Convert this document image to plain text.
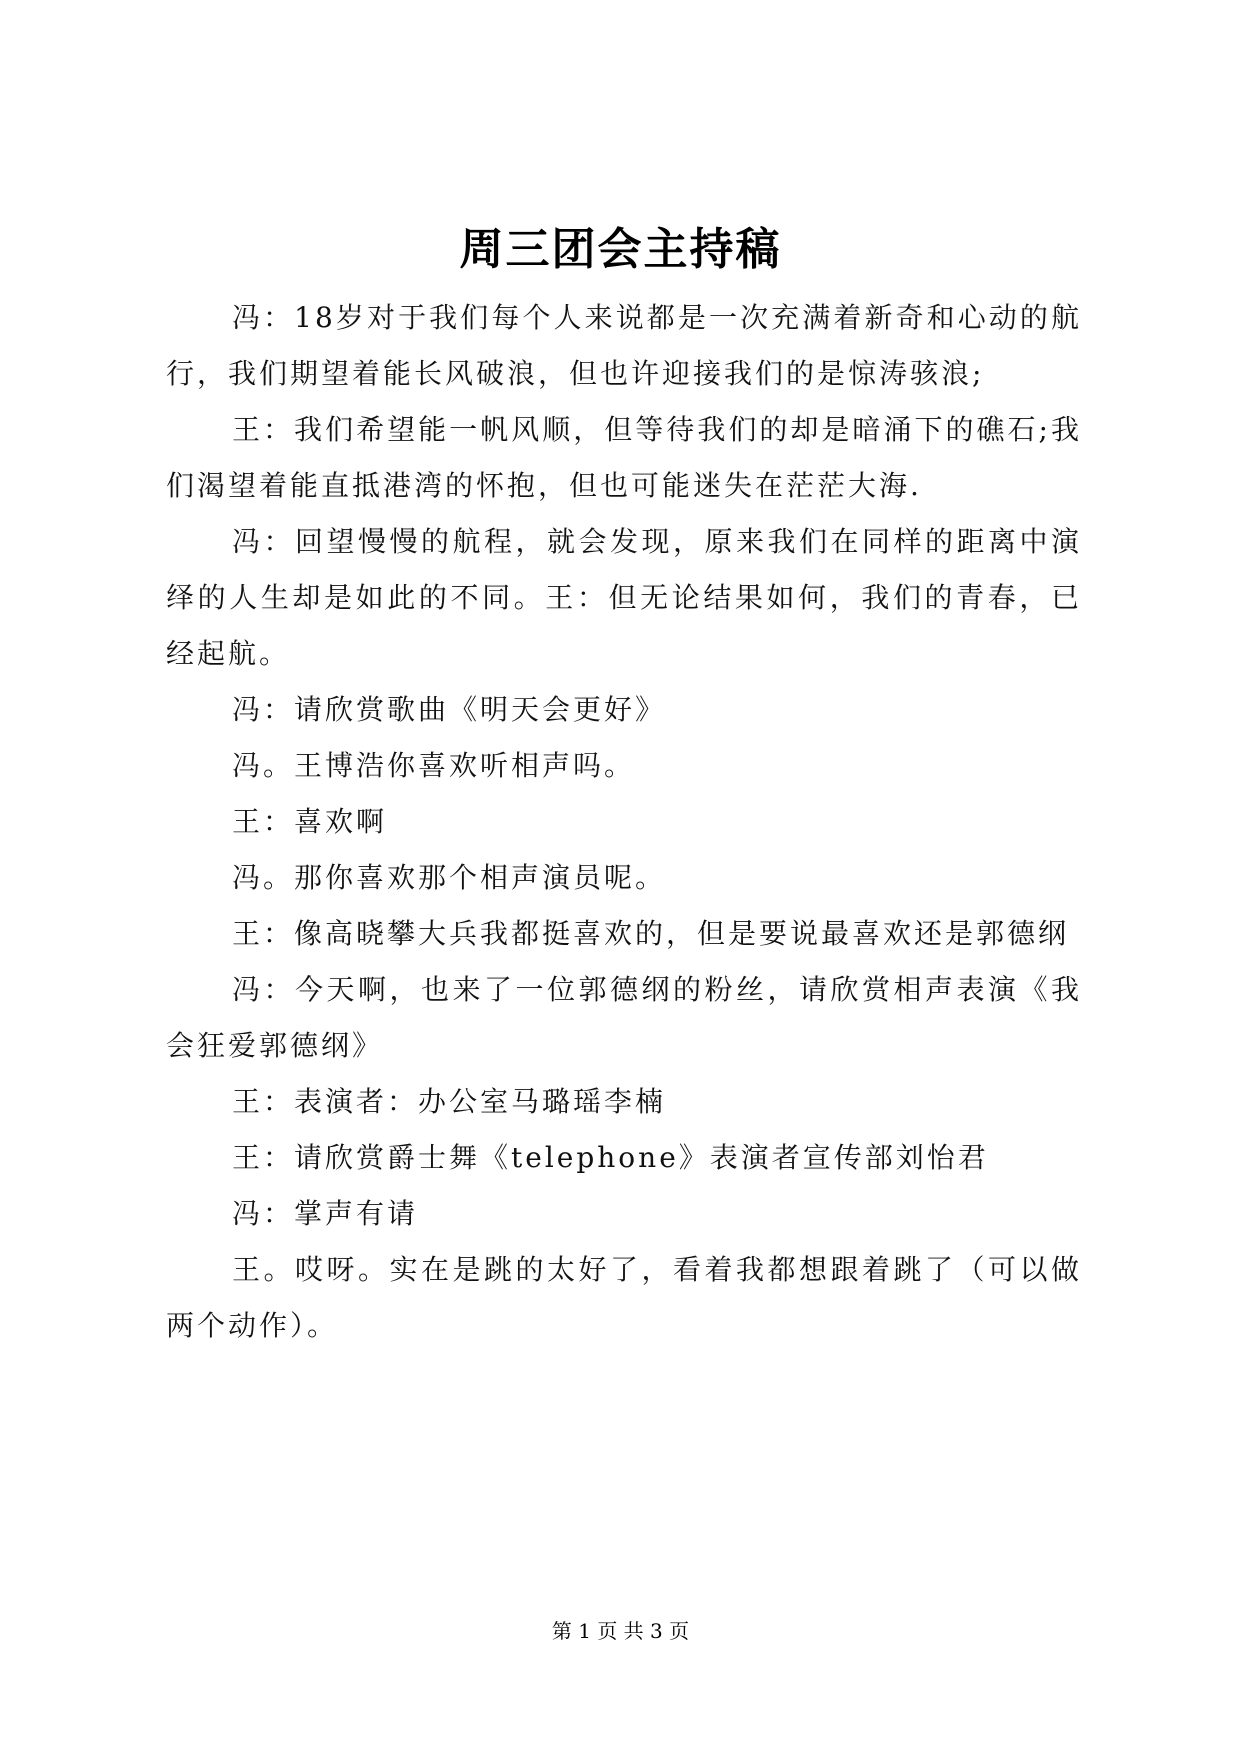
周三团会主持稿

冯：18岁对于我们每个人来说都是一次充满着新奇和心动的航行，我们期望着能长风破浪，但也许迎接我们的是惊涛骇浪;

王：我们希望能一帆风顺，但等待我们的却是暗涌下的礁石;我们渴望着能直抵港湾的怀抱，但也可能迷失在茫茫大海.

冯：回望慢慢的航程，就会发现，原来我们在同样的距离中演绎的人生却是如此的不同。王：但无论结果如何，我们的青春，已经起航。

冯：请欣赏歌曲《明天会更好》

冯。王博浩你喜欢听相声吗。

王：喜欢啊

冯。那你喜欢那个相声演员呢。

王：像高晓攀大兵我都挺喜欢的，但是要说最喜欢还是郭德纲

冯：今天啊，也来了一位郭德纲的粉丝，请欣赏相声表演《我会狂爱郭德纲》

王：表演者：办公室马璐瑶李楠

王：请欣赏爵士舞《telephone》表演者宣传部刘怡君

冯：掌声有请

王。哎呀。实在是跳的太好了，看着我都想跟着跳了（可以做两个动作）。

第 1 页 共 3 页
